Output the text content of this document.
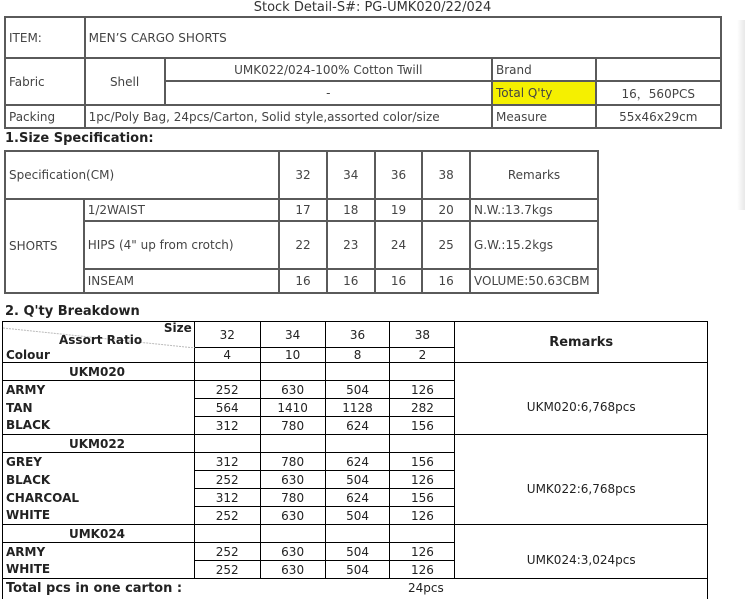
Stock Detail-S#: PG-UMK020/22/024
ITEM:	MEN’S CARGO SHORTS			
Fabric	Shell	UMK022/024-100% Cotton Twill	Brand	
		-	Total Q'ty	16，560PCS
Packing	1pc/Poly Bag, 24pcs/Carton, Solid style,assorted color/size		Measure	55x46x29cm
1.Size Specification:
Specification(CM)		32	34	36	38	Remarks
SHORTS	1/2WAIST	17	18	19	20	N.W.:13.7kgs
	HIPS (4" up from crotch)	22	23	24	25	G.W.:15.2kgs
	INSEAM	16	16	16	16	VOLUME:50.63CBM
2. Q'ty Breakdown
Size
Assort Ratio	32	34	36	38	Remarks
Colour	4	10	8	2	
UKM020					UKM020:6,768pcs
ARMY	252	630	504	126	
TAN	564	1410	1128	282	
BLACK	312	780	624	156	
UKM022					UMK022:6,768pcs
GREY	312	780	624	156	
BLACK	252	630	504	126	
CHARCOAL	312	780	624	156	
WHITE	252	630	504	126	
UMK024					UMK024:3,024pcs
ARMY	252	630	504	126	
WHITE	252	630	504	126	
Total pcs in one carton : 24pcs					
